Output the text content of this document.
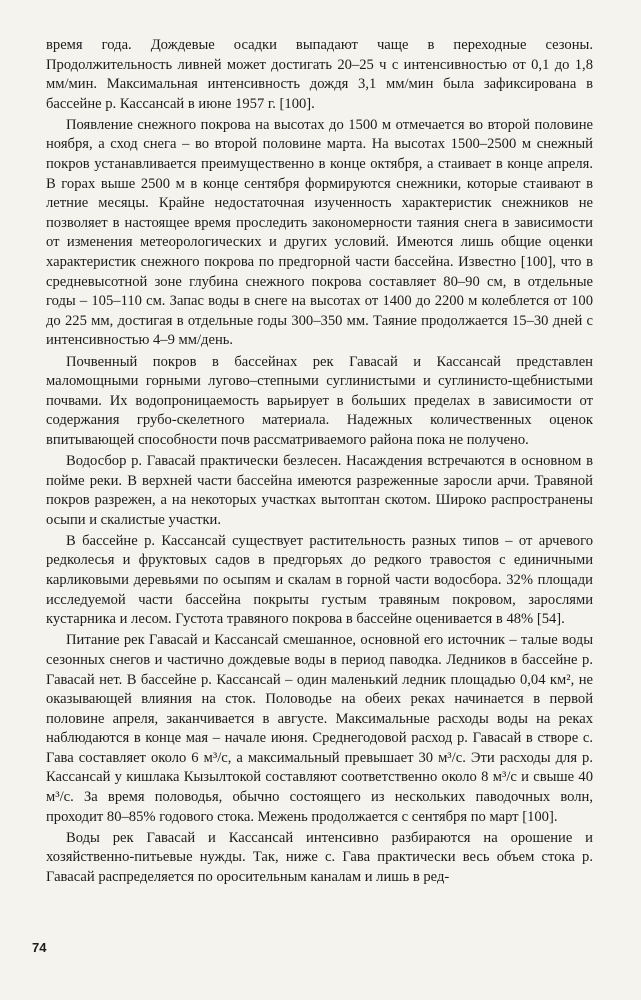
время года. Дождевые осадки выпадают чаще в переходные сезоны. Продолжительность ливней может достигать 20–25 ч с интенсивностью от 0,1 до 1,8 мм/мин. Максимальная интенсивность дождя 3,1 мм/мин была зафиксирована в бассейне р. Кассансай в июне 1957 г. [100].

Появление снежного покрова на высотах до 1500 м отмечается во второй половине ноября, а сход снега – во второй половине марта. На высотах 1500–2500 м снежный покров устанавливается преимущественно в конце октября, а стаивает в конце апреля. В горах выше 2500 м в конце сентября формируются снежники, которые стаивают в летние месяцы. Крайне недостаточная изученность характеристик снежников не позволяет в настоящее время проследить закономерности таяния снега в зависимости от изменения метеорологических и других условий. Имеются лишь общие оценки характеристик снежного покрова по предгорной части бассейна. Известно [100], что в средневысотной зоне глубина снежного покрова составляет 80–90 см, в отдельные годы – 105–110 см. Запас воды в снеге на высотах от 1400 до 2200 м колеблется от 100 до 225 мм, достигая в отдельные годы 300–350 мм. Таяние продолжается 15–30 дней с интенсивностью 4–9 мм/день.

Почвенный покров в бассейнах рек Гавасай и Кассансай представлен маломощными горными лугово–степными суглинистыми и суглинисто-щебнистыми почвами. Их водопроницаемость варьирует в больших пределах в зависимости от содержания грубо-скелетного материала. Надежных количественных оценок впитывающей способности почв рассматриваемого района пока не получено.

Водосбор р. Гавасай практически безлесен. Насаждения встречаются в основном в пойме реки. В верхней части бассейна имеются разреженные заросли арчи. Травяной покров разрежен, а на некоторых участках вытоптан скотом. Широко распространены осыпи и скалистые участки.

В бассейне р. Кассансай существует растительность разных типов – от арчевого редколесья и фруктовых садов в предгорьях до редкого травостоя с единичными карликовыми деревьями по осыпям и скалам в горной части водосбора. 32% площади исследуемой части бассейна покрыты густым травяным покровом, зарослями кустарника и лесом. Густота травяного покрова в бассейне оценивается в 48% [54].

Питание рек Гавасай и Кассансай смешанное, основной его источник – талые воды сезонных снегов и частично дождевые воды в период паводка. Ледников в бассейне р. Гавасай нет. В бассейне р. Кассансай – один маленький ледник площадью 0,04 км², не оказывающей влияния на сток. Половодье на обеих реках начинается в первой половине апреля, заканчивается в августе. Максимальные расходы воды на реках наблюдаются в конце мая – начале июня. Среднегодовой расход р. Гавасай в створе с. Гава составляет около 6 м³/с, а максимальный превышает 30 м³/с. Эти расходы для р. Кассансай у кишлака Кызылтокой составляют соответственно около 8 м³/с и свыше 40 м³/с. За время половодья, обычно состоящего из нескольких паводочных волн, проходит 80–85% годового стока. Межень продолжается с сентября по март [100].

Воды рек Гавасай и Кассансай интенсивно разбираются на орошение и хозяйственно-питьевые нужды. Так, ниже с. Гава практически весь объем стока р. Гавасай распределяется по оросительным каналам и лишь в ред-

74
